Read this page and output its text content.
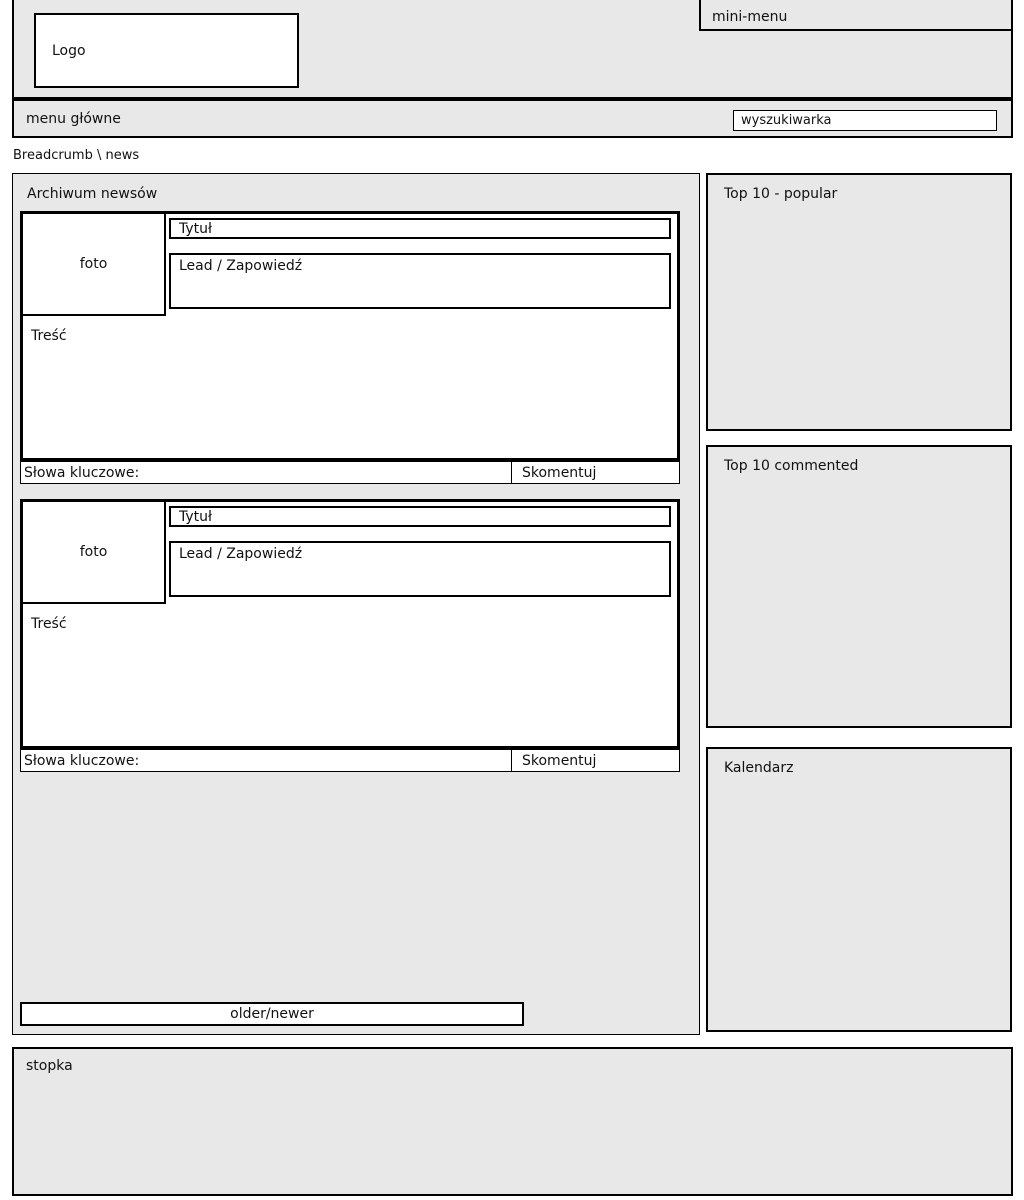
Logo
mini-menu
menu główne	wyszukiwarka
Breadcrumb \ news
Archiwum newsów
foto
Tytuł
Lead / Zapowiedź
Treść
Słowa kluczowe:	Skomentuj
foto
Tytuł
Lead / Zapowiedź
Treść
Słowa kluczowe:	Skomentuj
older/newer
Top 10 - popular
Top 10 commented
Kalendarz
stopka
